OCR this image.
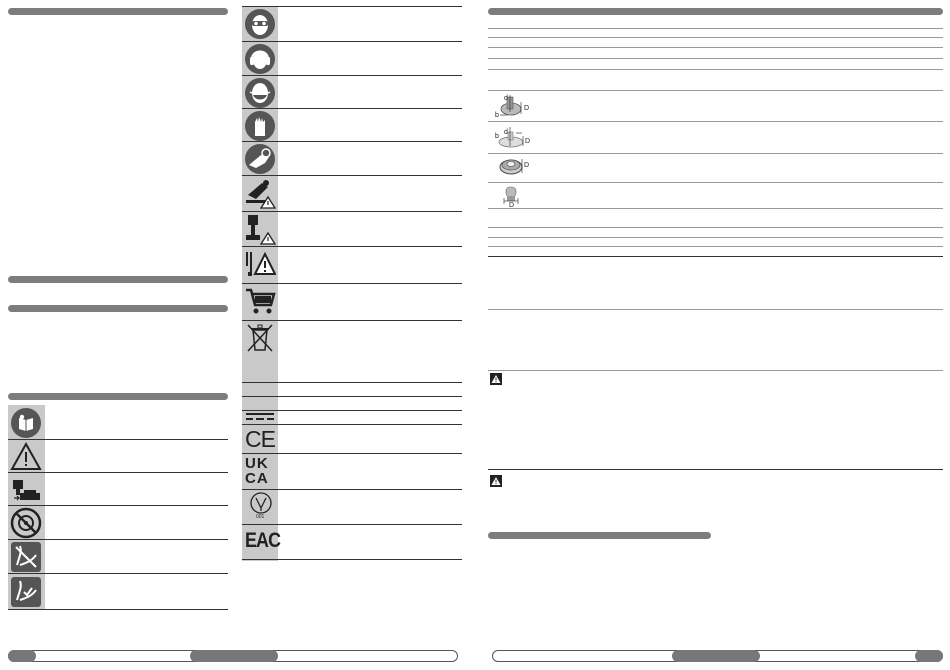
CE
UK
CA
001
EAC
d
b
D
d
b
D
D
D
